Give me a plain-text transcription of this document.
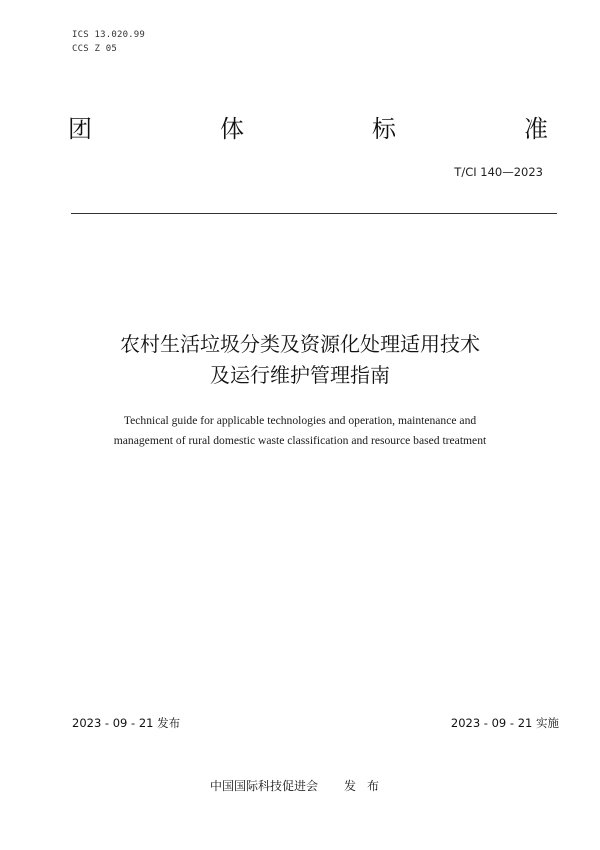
ICS 13.020.99
CCS Z 05
团	体	标	准
T/CI 140—2023
农村生活垃圾分类及资源化处理适用技术
及运行维护管理指南
Technical guide for applicable technologies and operation, maintenance and
management of rural domestic waste classification and resource based treatment
2023 - 09 - 21 发布	2023 - 09 - 21 实施
中国国际科技促进会 发布
